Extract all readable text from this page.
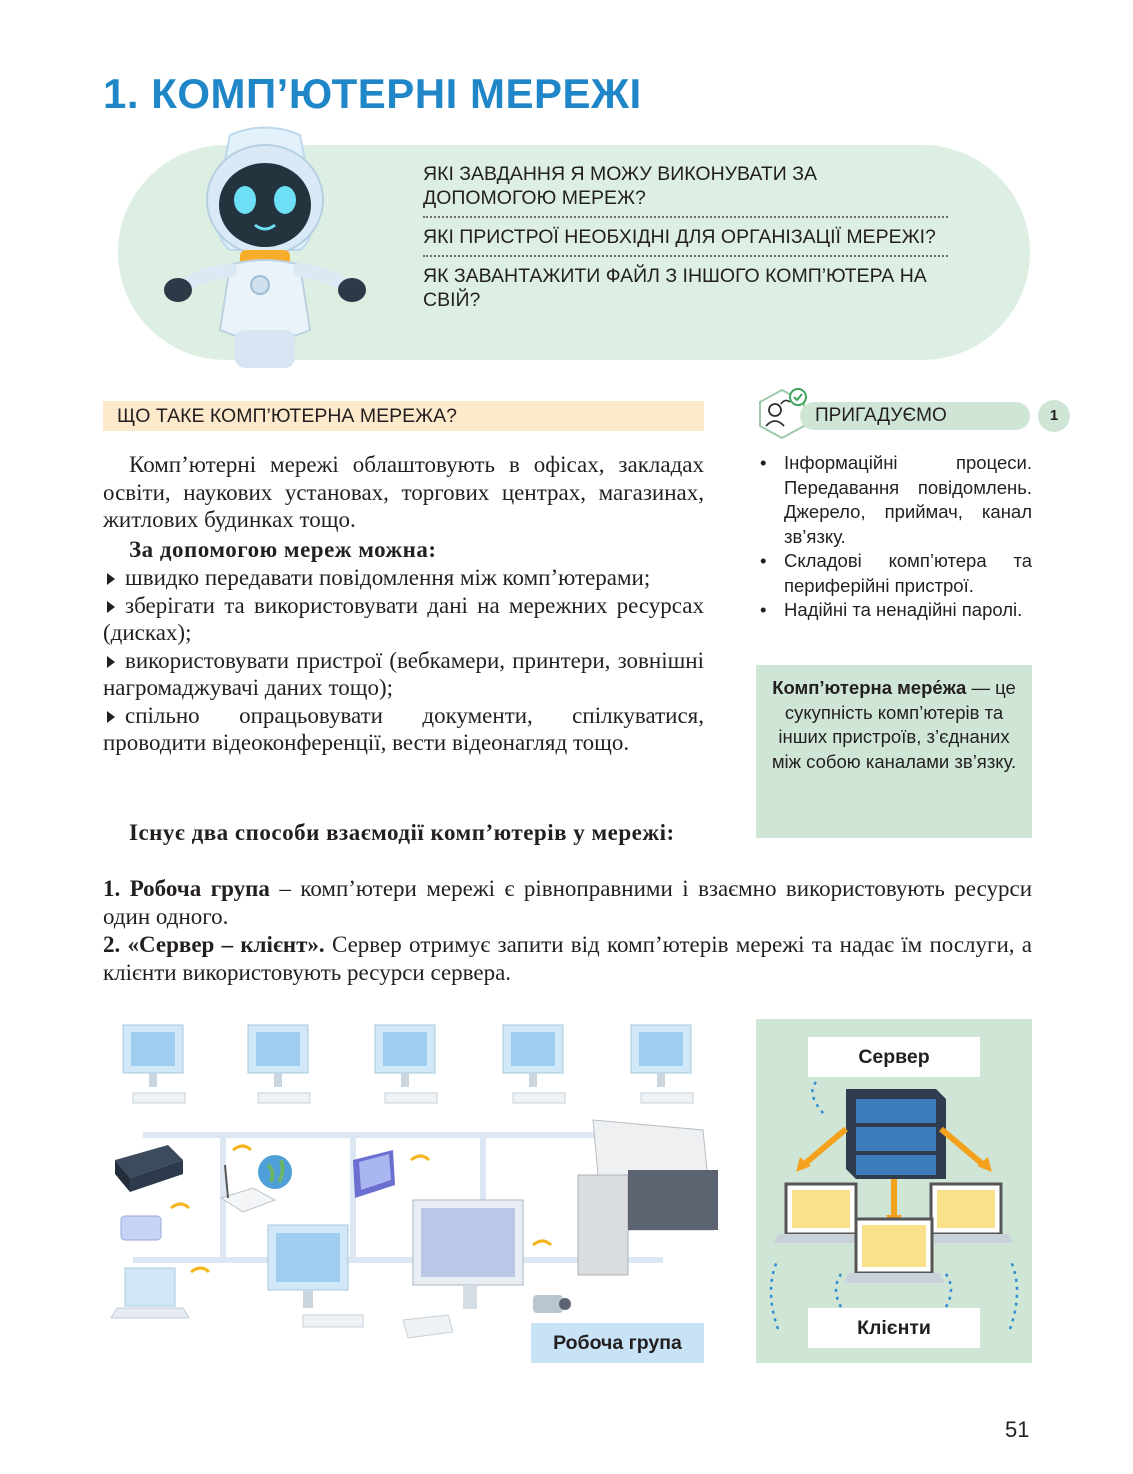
1. КОМП’ЮТЕРНІ МЕРЕЖІ
ЯКІ ЗАВДАННЯ Я МОЖУ ВИКОНУВАТИ ЗА ДОПОМОГОЮ МЕРЕЖ?
ЯКІ ПРИСТРОЇ НЕОБХІДНІ ДЛЯ ОРГАНІЗАЦІЇ МЕРЕЖІ?
ЯК ЗАВАНТАЖИТИ ФАЙЛ З ІНШОГО КОМП’ЮТЕРА НА СВІЙ?
ЩО ТАКЕ КОМП’ЮТЕРНА МЕРЕЖА?	ПРИГАДУЄМО	1
• Інформаційні процеси. Передавання повідомлень. Джерело, приймач, канал зв’язку.
• Складові комп’ютера та периферійні пристрої.
• Надійні та ненадійні паролі.
Комп’ютерна мере́жа — це сукупність комп’ютерів та інших пристроїв, з’єднаних між собою каналами зв’язку.
Комп’ютерні мережі облаштовують в офісах, закладах освіти, наукових установах, торгових центрах, магазинах, житлових будинках тощо.
За допомогою мереж можна:
швидко передавати повідомлення між комп’ютерами;
зберігати та використовувати дані на мережних ресурсах (дисках);
використовувати пристрої (вебкамери, принтери, зовнішні нагромаджувачі даних тощо);
спільно опрацьовувати документи, спілкуватися, проводити відеоконференції, вести відеонагляд тощо.
Існує два способи взаємодії комп’ютерів у мережі:
1. Робоча група – комп’ютери мережі є рівноправними і взаємно використовують ресурси один одного.
2. «Сервер – клієнт». Сервер отримує запити від комп’ютерів мережі та надає їм послуги, а клієнти використовують ресурси сервера.
Робоча група
Сервер
Клієнти
51
